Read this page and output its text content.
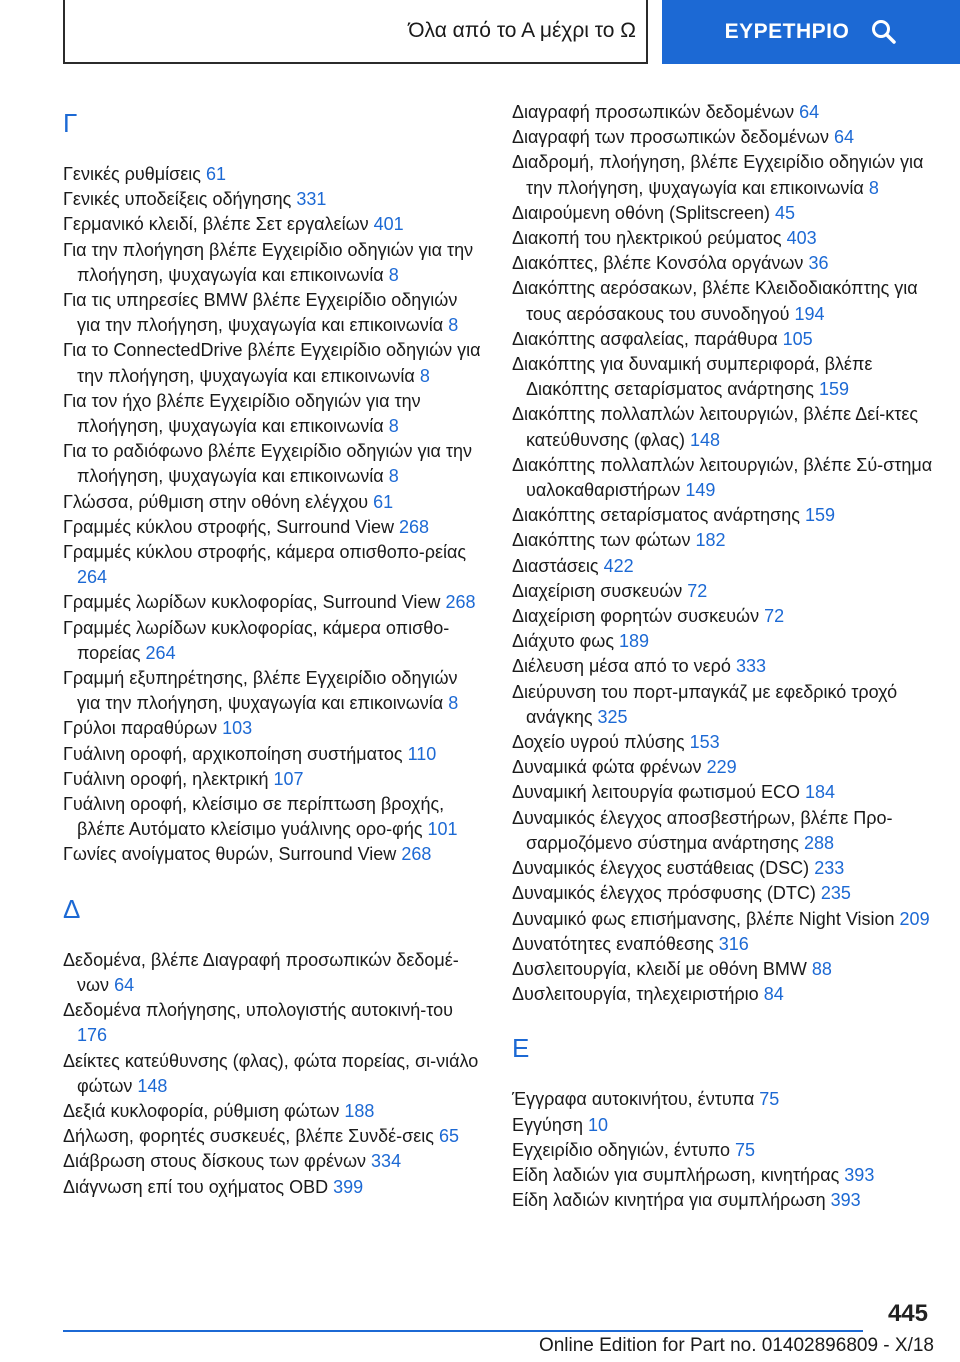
Όλα από το Α μέχρι το Ω	ΕΥΡΕΤΗΡΙΟ
Γ
Γενικές ρυθμίσεις 61
Γενικές υποδείξεις οδήγησης 331
Γερμανικό κλειδί, βλέπε Σετ εργαλείων 401
Για την πλοήγηση βλέπε Εγχειρίδιο οδηγιών για την πλοήγηση, ψυχαγωγία και επικοινωνία 8
Για τις υπηρεσίες BMW βλέπε Εγχειρίδιο οδηγιών για την πλοήγηση, ψυχαγωγία και επικοινωνία 8
Για το ConnectedDrive βλέπε Εγχειρίδιο οδηγιών για την πλοήγηση, ψυχαγωγία και επικοινωνία 8
Για τον ήχο βλέπε Εγχειρίδιο οδηγιών για την πλοήγηση, ψυχαγωγία και επικοινωνία 8
Για το ραδιόφωνο βλέπε Εγχειρίδιο οδηγιών για την πλοήγηση, ψυχαγωγία και επικοινωνία 8
Γλώσσα, ρύθμιση στην οθόνη ελέγχου 61
Γραμμές κύκλου στροφής, Surround View 268
Γραμμές κύκλου στροφής, κάμερα οπισθοπο-ρείας 264
Γραμμές λωρίδων κυκλοφορίας, Surround View 268
Γραμμές λωρίδων κυκλοφορίας, κάμερα οπισθο-πορείας 264
Γραμμή εξυπηρέτησης, βλέπε Εγχειρίδιο οδηγιών για την πλοήγηση, ψυχαγωγία και επικοινωνία 8
Γρύλοι παραθύρων 103
Γυάλινη οροφή, αρχικοποίηση συστήματος 110
Γυάλινη οροφή, ηλεκτρική 107
Γυάλινη οροφή, κλείσιμο σε περίπτωση βροχής, βλέπε Αυτόματο κλείσιμο γυάλινης ορο-φής 101
Γωνίες ανοίγματος θυρών, Surround View 268
Δ
Δεδομένα, βλέπε Διαγραφή προσωπικών δεδομέ-νων 64
Δεδομένα πλοήγησης, υπολογιστής αυτοκινή-του 176
Δείκτες κατεύθυνσης (φλας), φώτα πορείας, σι-νιάλο φώτων 148
Δεξιά κυκλοφορία, ρύθμιση φώτων 188
Δήλωση, φορητές συσκευές, βλέπε Συνδέ-σεις 65
Διάβρωση στους δίσκους των φρένων 334
Διάγνωση επί του οχήματος OBD 399
Διαγραφή προσωπικών δεδομένων 64
Διαγραφή των προσωπικών δεδομένων 64
Διαδρομή, πλοήγηση, βλέπε Εγχειρίδιο οδηγιών για την πλοήγηση, ψυχαγωγία και επικοινωνία 8
Διαιρούμενη οθόνη (Splitscreen) 45
Διακοπή του ηλεκτρικού ρεύματος 403
Διακόπτες, βλέπε Κονσόλα οργάνων 36
Διακόπτης αερόσακων, βλέπε Κλειδοδιακόπτης για τους αερόσακους του συνοδηγού 194
Διακόπτης ασφαλείας, παράθυρα 105
Διακόπτης για δυναμική συμπεριφορά, βλέπε Διακόπτης σεταρίσματος ανάρτησης 159
Διακόπτης πολλαπλών λειτουργιών, βλέπε Δεί-κτες κατεύθυνσης (φλας) 148
Διακόπτης πολλαπλών λειτουργιών, βλέπε Σύ-στημα υαλοκαθαριστήρων 149
Διακόπτης σεταρίσματος ανάρτησης 159
Διακόπτης των φώτων 182
Διαστάσεις 422
Διαχείριση συσκευών 72
Διαχείριση φορητών συσκευών 72
Διάχυτο φως 189
Διέλευση μέσα από το νερό 333
Διεύρυνση του πορτ-μπαγκάζ με εφεδρικό τροχό ανάγκης 325
Δοχείο υγρού πλύσης 153
Δυναμικά φώτα φρένων 229
Δυναμική λειτουργία φωτισμού ECO 184
Δυναμικός έλεγχος αποσβεστήρων, βλέπε Προ-σαρμοζόμενο σύστημα ανάρτησης 288
Δυναμικός έλεγχος ευστάθειας (DSC) 233
Δυναμικός έλεγχος πρόσφυσης (DTC) 235
Δυναμικό φως επισήμανσης, βλέπε Night Vision 209
Δυνατότητες εναπόθεσης 316
Δυσλειτουργία, κλειδί με οθόνη BMW 88
Δυσλειτουργία, τηλεχειριστήριο 84
Ε
Έγγραφα αυτοκινήτου, έντυπα 75
Εγγύηση 10
Εγχειρίδιο οδηγιών, έντυπο 75
Είδη λαδιών για συμπλήρωση, κινητήρας 393
Είδη λαδιών κινητήρα για συμπλήρωση 393
445
Online Edition for Part no. 01402896809 - X/18
